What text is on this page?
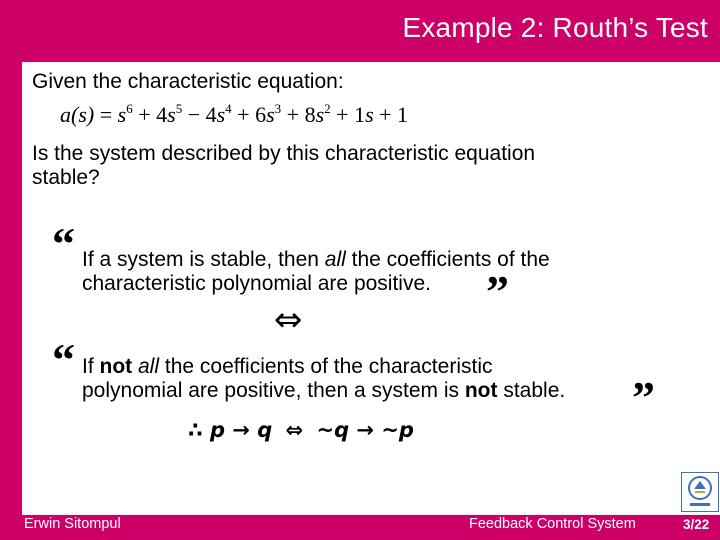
Example 2: Routh’s Test
Given the characteristic equation:
$a(s) = s^6 + 4s^5 - 4s^4 + 6s^3 + 8s^2 + 1s + 1$
Is the system described by this characteristic equation
stable?
“ If a system is stable, then all the coefficients of the
characteristic polynomial are positive. ”
⇔
“ If not all the coefficients of the characteristic
polynomial are positive, then a system is not stable. ”
∴ p → q ⇔ ~q → ~p
Erwin Sitompul	Feedback Control System	3/22
